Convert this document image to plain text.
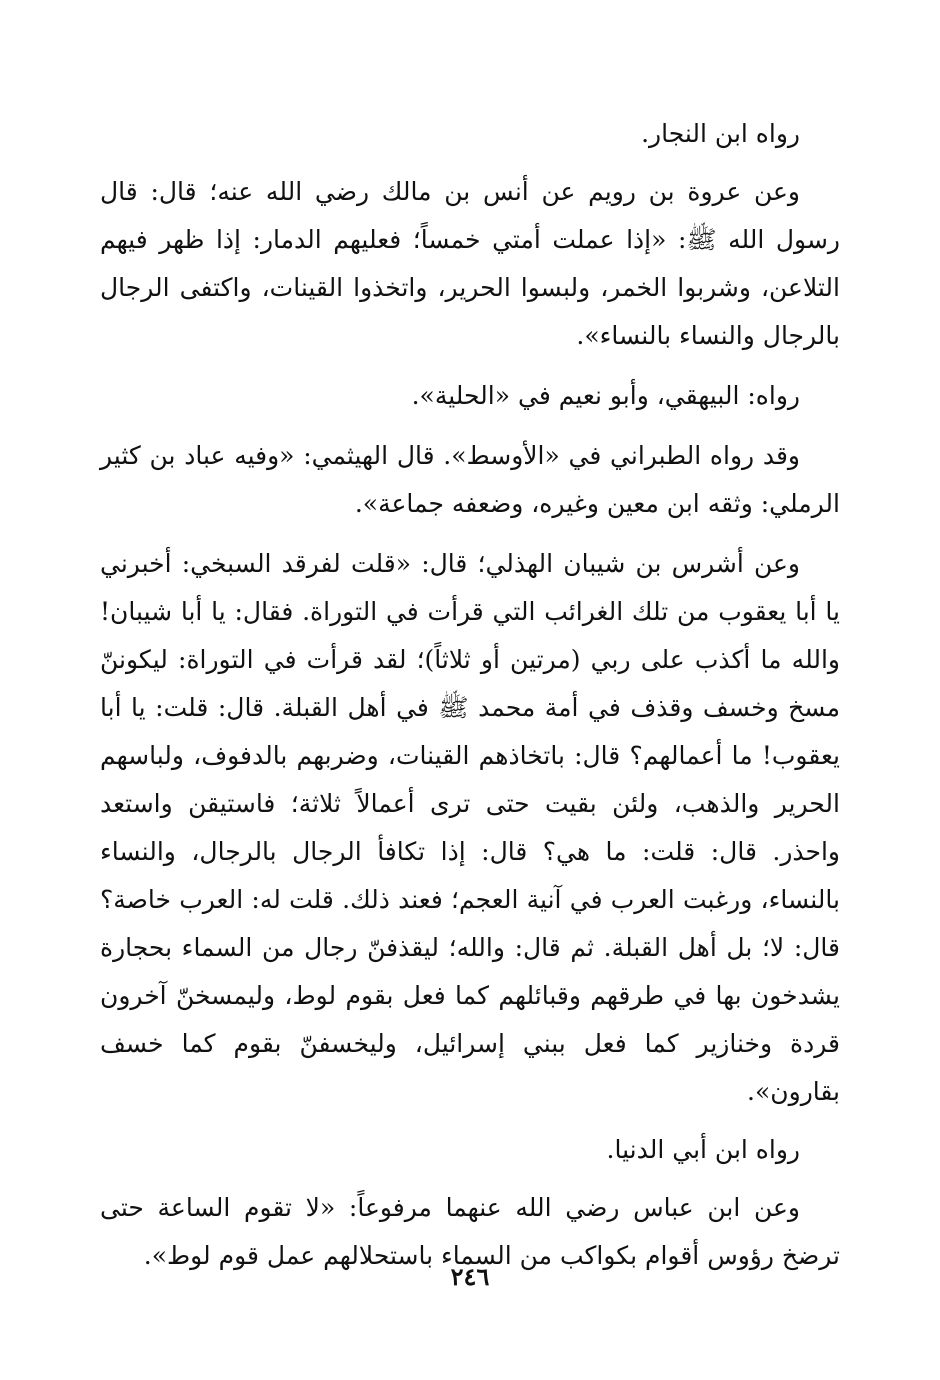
رواه ابن النجار.

وعن عروة بن رويم عن أنس بن مالك رضي الله عنه؛ قال: قال رسول الله ﷺ: «إذا عملت أمتي خمساً؛ فعليهم الدمار: إذا ظهر فيهم التلاعن، وشربوا الخمر، ولبسوا الحرير، واتخذوا القينات، واكتفى الرجال بالرجال والنساء بالنساء».

رواه: البيهقي، وأبو نعيم في «الحلية».

وقد رواه الطبراني في «الأوسط». قال الهيثمي: «وفيه عباد بن كثير الرملي: وثقه ابن معين وغيره، وضعفه جماعة».

وعن أشرس بن شيبان الهذلي؛ قال: «قلت لفرقد السبخي: أخبرني يا أبا يعقوب من تلك الغرائب التي قرأت في التوراة. فقال: يا أبا شيبان! والله ما أكذب على ربي (مرتين أو ثلاثاً)؛ لقد قرأت في التوراة: ليكوننّ مسخ وخسف وقذف في أمة محمد ﷺ في أهل القبلة. قال: قلت: يا أبا يعقوب! ما أعمالهم؟ قال: باتخاذهم القينات، وضربهم بالدفوف، ولباسهم الحرير والذهب، ولئن بقيت حتى ترى أعمالاً ثلاثة؛ فاستيقن واستعد واحذر. قال: قلت: ما هي؟ قال: إذا تكافأ الرجال بالرجال، والنساء بالنساء، ورغبت العرب في آنية العجم؛ فعند ذلك. قلت له: العرب خاصة؟ قال: لا؛ بل أهل القبلة. ثم قال: والله؛ ليقذفنّ رجال من السماء بحجارة يشدخون بها في طرقهم وقبائلهم كما فعل بقوم لوط، وليمسخنّ آخرون قردة وخنازير كما فعل ببني إسرائيل، وليخسفنّ بقوم كما خسف بقارون».

رواه ابن أبي الدنيا.

وعن ابن عباس رضي الله عنهما مرفوعاً: «لا تقوم الساعة حتى ترضخ رؤوس أقوام بكواكب من السماء باستحلالهم عمل قوم لوط».

٢٤٦
